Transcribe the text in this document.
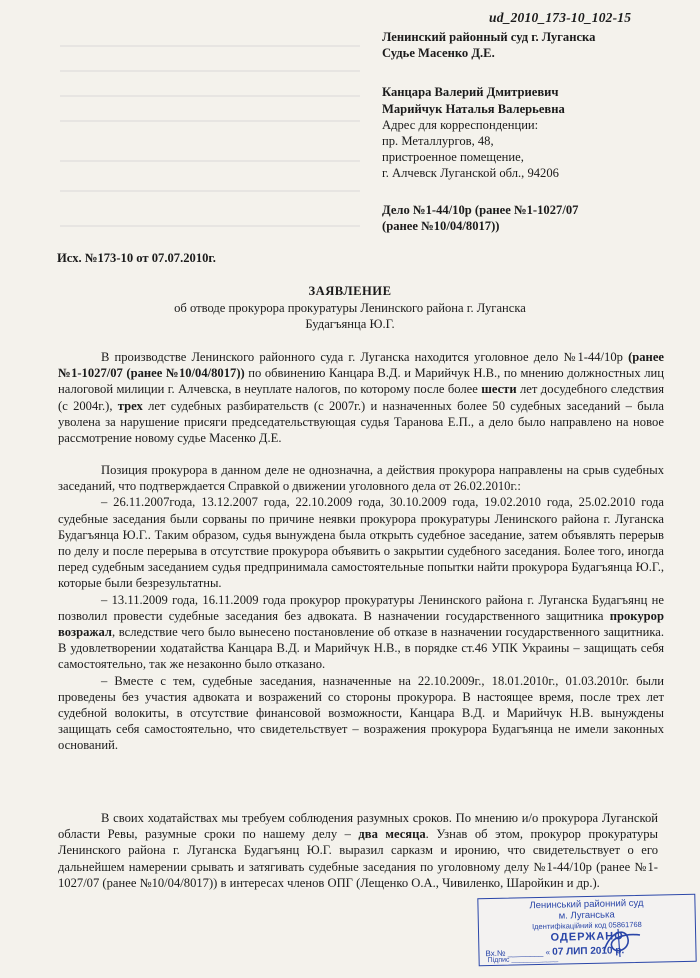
ud_2010_173-10_102-15
Ленинский районный суд г. Луганска
Судье Масенко Д.Е.
Канцара Валерий Дмитриевич
Марийчук Наталья Валерьевна
Адрес для корреспонденции:
пр. Металлургов, 48,
пристроенное помещение,
г. Алчевск Луганской обл., 94206
Дело №1-44/10р (ранее №1-1027/07
(ранее №10/04/8017))
Исх. №173-10 от 07.07.2010г.
ЗАЯВЛЕНИЕ
об отводе прокурора прокуратуры Ленинского района г. Луганска
Будагъянца Ю.Г.

В производстве Ленинского районного суда г. Луганска находится уголовное дело №1-44/10р (ранее №1-1027/07 (ранее №10/04/8017)) по обвинению Канцара В.Д. и Марийчук Н.В., по мнению должностных лиц налоговой милиции г. Алчевска, в неуплате налогов, по которому после более шести лет досудебного следствия (с 2004г.), трех лет судебных разбирательств (с 2007г.) и назначенных более 50 судебных заседаний – была уволена за нарушение присяги председательствующая судья Таранова Е.П., а дело было направлено на новое рассмотрение новому судье Масенко Д.Е.

Позиция прокурора в данном деле не однозначна, а действия прокурора направлены на срыв судебных заседаний, что подтверждается Справкой о движении уголовного дела от 26.02.2010г.:

– 26.11.2007года, 13.12.2007 года, 22.10.2009 года, 30.10.2009 года, 19.02.2010 года, 25.02.2010 года судебные заседания были сорваны по причине неявки прокурора прокуратуры Ленинского района г. Луганска Будагъянца Ю.Г.. Таким образом, судья вынуждена была открыть судебное заседание, затем объявлять перерыв по делу и после перерыва в отсутствие прокурора объявить о закрытии судебного заседания. Более того, иногда перед судебным заседанием судья предпринимала самостоятельные попытки найти прокурора Будагъянца Ю.Г., которые были безрезультатны.

– 13.11.2009 года, 16.11.2009 года прокурор прокуратуры Ленинского района г. Луганска Будагъянц не позволил провести судебные заседания без адвоката. В назначении государственного защитника прокурор возражал, вследствие чего было вынесено постановление об отказе в назначении государственного защитника. В удовлетворении ходатайства Канцара В.Д. и Марийчук Н.В., в порядке ст.46 УПК Украины – защищать себя самостоятельно, так же незаконно было отказано.

– Вместе с тем, судебные заседания, назначенные на 22.10.2009г., 18.01.2010г., 01.03.2010г. были проведены без участия адвоката и возражений со стороны прокурора. В настоящее время, после трех лет судебной волокиты, в отсутствие финансовой возможности, Канцара В.Д. и Марийчук Н.В. вынуждены защищать себя самостоятельно, что свидетельствует – возражения прокурора Будагъянца не имели законных оснований.

В своих ходатайствах мы требуем соблюдения разумных сроков. По мнению и/о прокурора Луганской области Ревы, разумные сроки по нашему делу – два месяца. Узнав об этом, прокурор прокуратуры Ленинского района г. Луганска Будагъянц Ю.Г. выразил сарказм и иронию, что свидетельствует о его дальнейшем намерении срывать и затягивать судебные заседания по уголовному делу №1-44/10р (ранее №1-1027/07 (ранее №10/04/8017)) в интересах членов ОПГ (Лещенко О.А., Чивиленко, Шаройкин и др.).

Ленинський районний суд
м. Луганська
Ідентифікаційний код 05861768
ОДЕРЖАНО
Вх.№ ________ « 07 ЛИП 2010 р.
Підпис ____________
